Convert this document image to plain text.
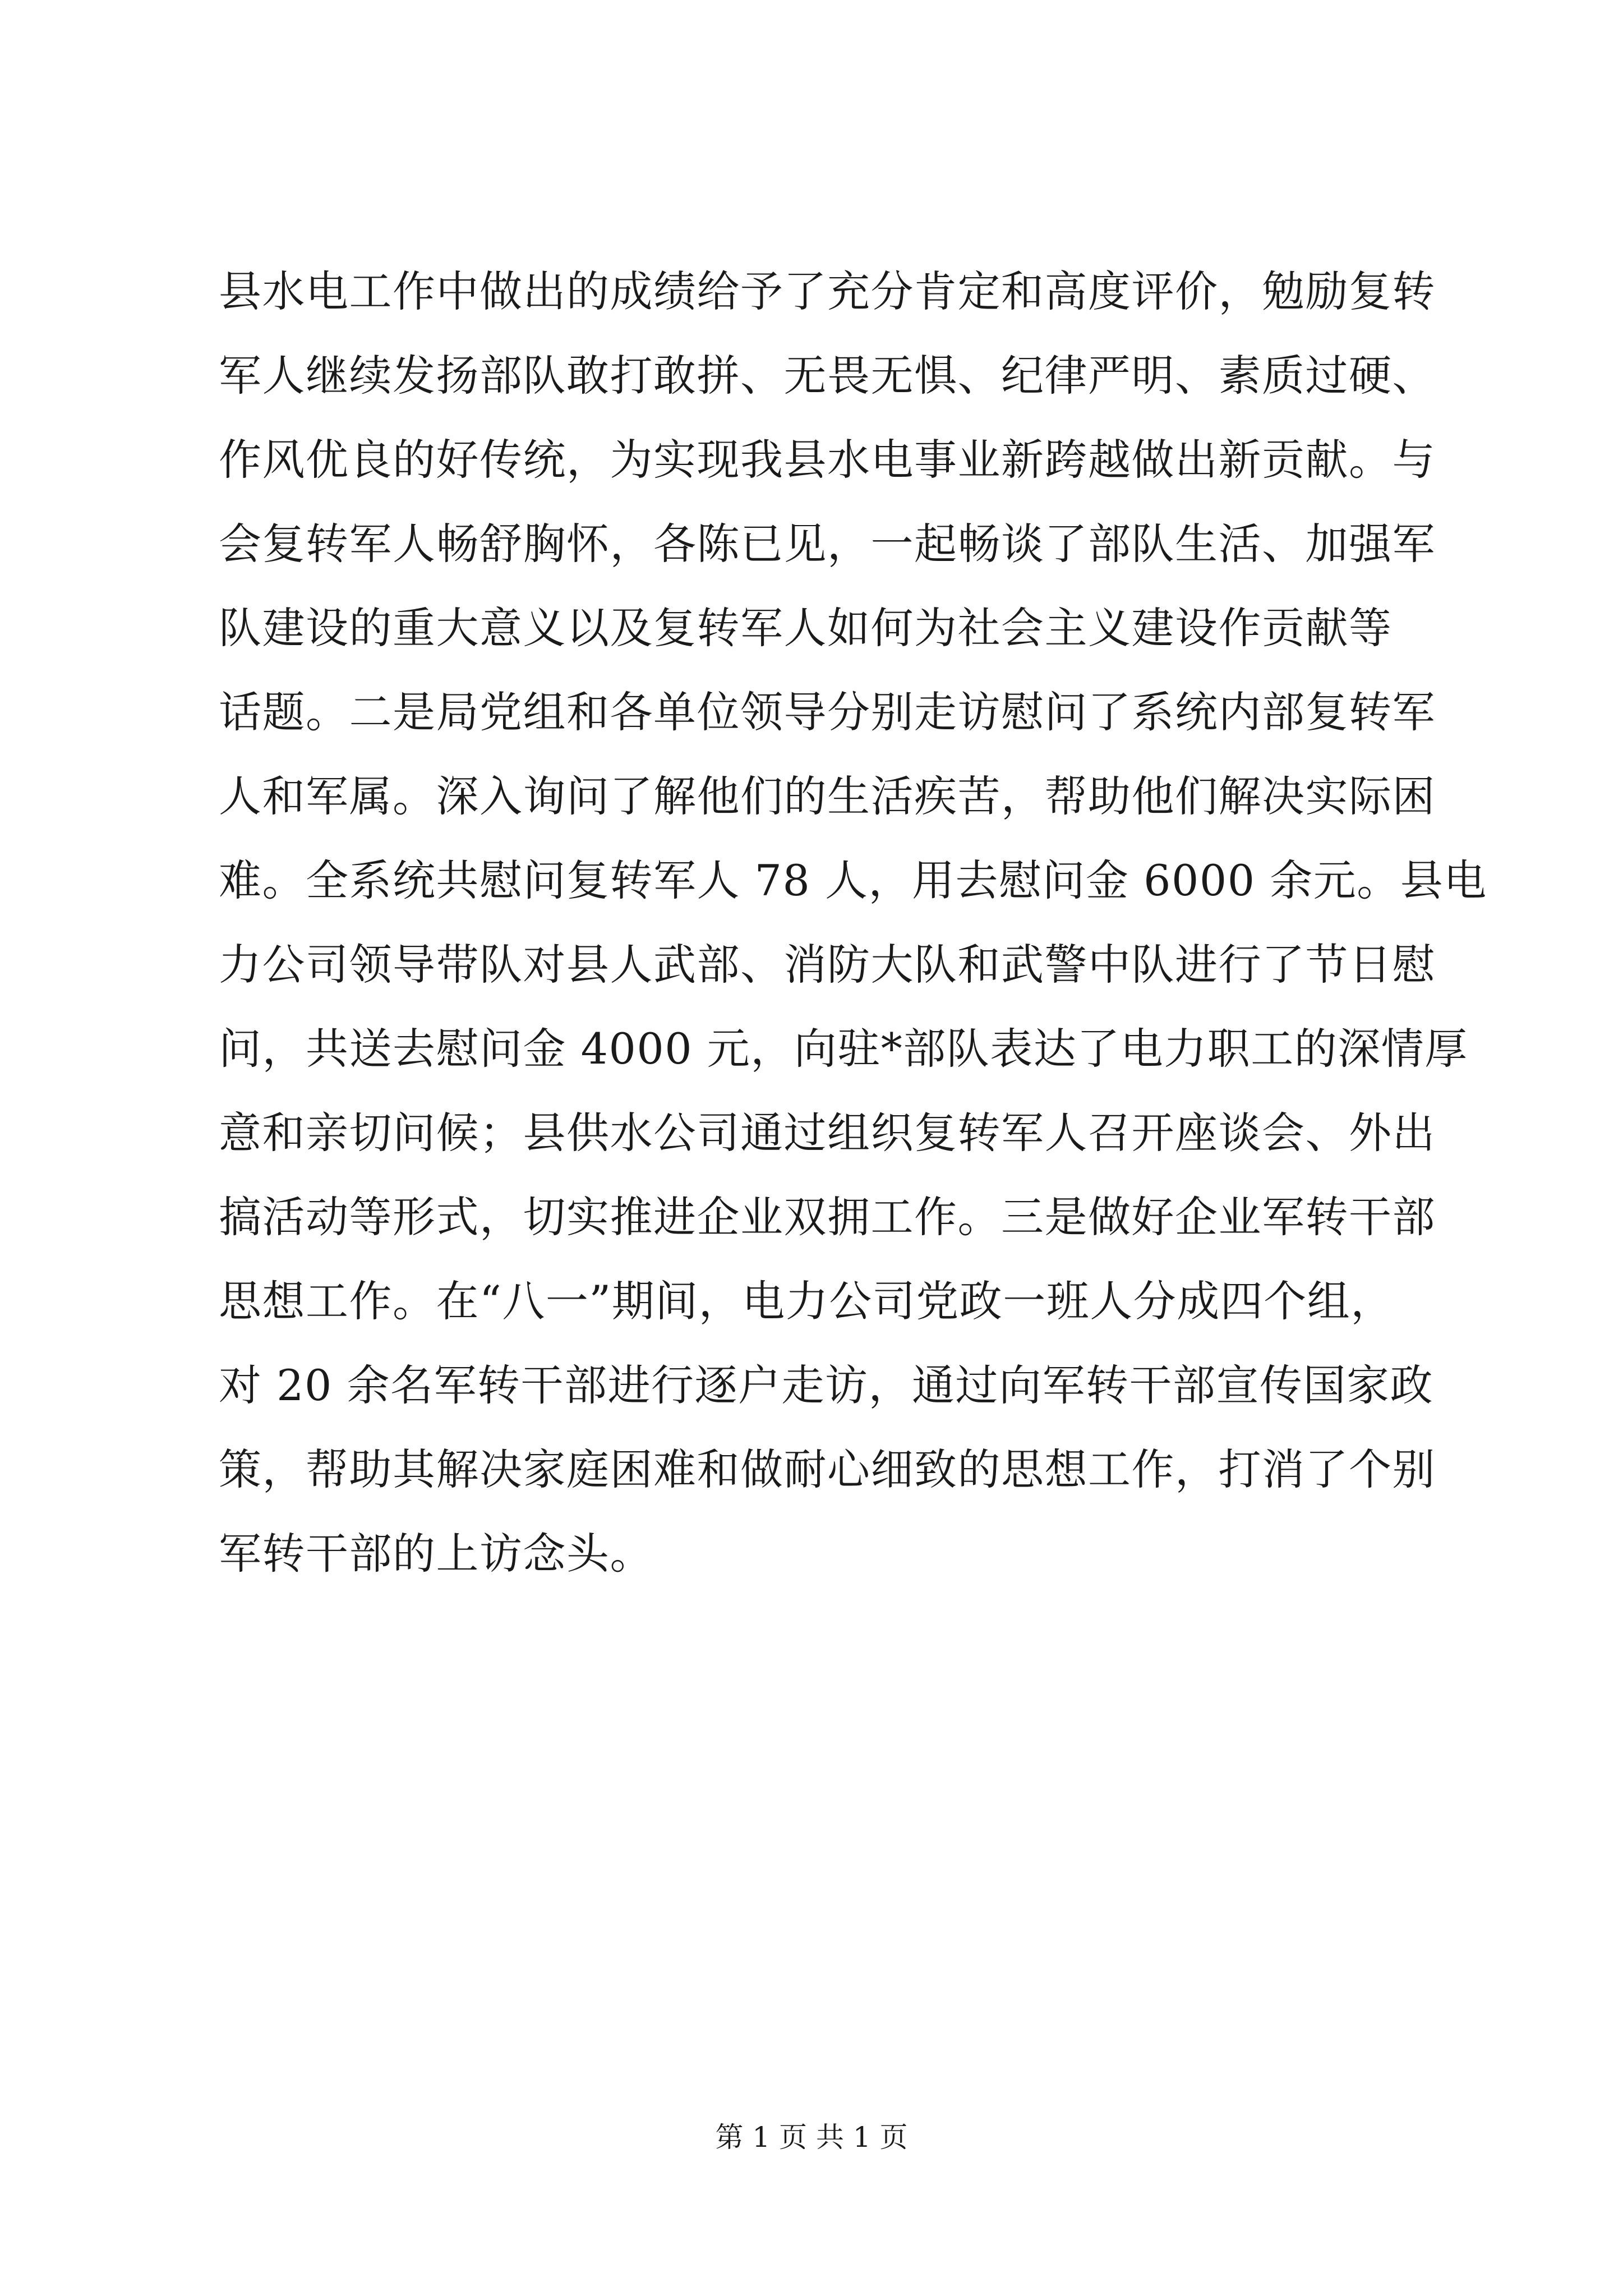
县水电工作中做出的成绩给予了充分肯定和高度评价，勉励复转
军人继续发扬部队敢打敢拼、无畏无惧、纪律严明、素质过硬、
作风优良的好传统，为实现我县水电事业新跨越做出新贡献。与
会复转军人畅舒胸怀，各陈已见，一起畅谈了部队生活、加强军
队建设的重大意义以及复转军人如何为社会主义建设作贡献等
话题。二是局党组和各单位领导分别走访慰问了系统内部复转军
人和军属。深入询问了解他们的生活疾苦，帮助他们解决实际困
难。全系统共慰问复转军人 78 人，用去慰问金 6000 余元。县电
力公司领导带队对县人武部、消防大队和武警中队进行了节日慰
问，共送去慰问金 4000 元，向驻*部队表达了电力职工的深情厚
意和亲切问候；县供水公司通过组织复转军人召开座谈会、外出
搞活动等形式，切实推进企业双拥工作。三是做好企业军转干部
思想工作。在“八一”期间，电力公司党政一班人分成四个组，
对 20 余名军转干部进行逐户走访，通过向军转干部宣传国家政
策，帮助其解决家庭困难和做耐心细致的思想工作，打消了个别
军转干部的上访念头。
第 1 页 共 1 页
